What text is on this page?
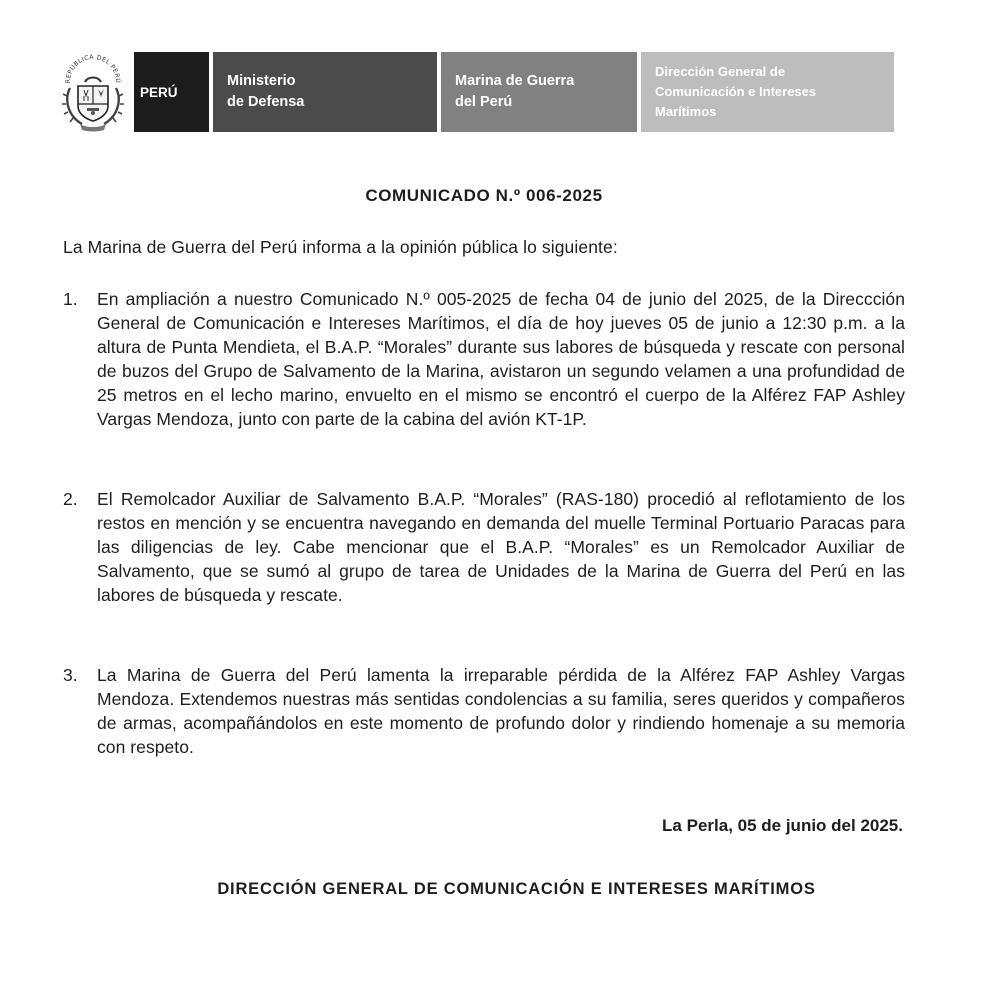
REPÚBLICA DEL PERÚ
PERÚ
Ministerio
de Defensa
Marina de Guerra
del Perú
Dirección General de
Comunicación e Intereses
Marítimos
COMUNICADO N.º 006-2025
La Marina de Guerra del Perú informa a la opinión pública lo siguiente:
1. En ampliación a nuestro Comunicado N.º 005-2025 de fecha 04 de junio del 2025, de la Direccción General de Comunicación e Intereses Marítimos, el día de hoy jueves 05 de junio a 12:30 p.m. a la altura de Punta Mendieta, el B.A.P. “Morales” durante sus labores de búsqueda y rescate con personal de buzos del Grupo de Salvamento de la Marina, avistaron un segundo velamen a una profundidad de 25 metros en el lecho marino, envuelto en el mismo se encontró el cuerpo de la Alférez FAP Ashley Vargas Mendoza, junto con parte de la cabina del avión KT-1P.
2. El Remolcador Auxiliar de Salvamento B.A.P. “Morales” (RAS-180) procedió al reflotamiento de los restos en mención y se encuentra navegando en demanda del muelle Terminal Portuario Paracas para las diligencias de ley. Cabe mencionar que el B.A.P. “Morales” es un Remolcador Auxiliar de Salvamento, que se sumó al grupo de tarea de Unidades de la Marina de Guerra del Perú en las labores de búsqueda y rescate.
3. La Marina de Guerra del Perú lamenta la irreparable pérdida de la Alférez FAP Ashley Vargas Mendoza. Extendemos nuestras más sentidas condolencias a su familia, seres queridos y compañeros de armas, acompañándolos en este momento de profundo dolor y rindiendo homenaje a su memoria con respeto.
La Perla, 05 de junio del 2025.
DIRECCIÓN GENERAL DE COMUNICACIÓN E INTERESES MARÍTIMOS
